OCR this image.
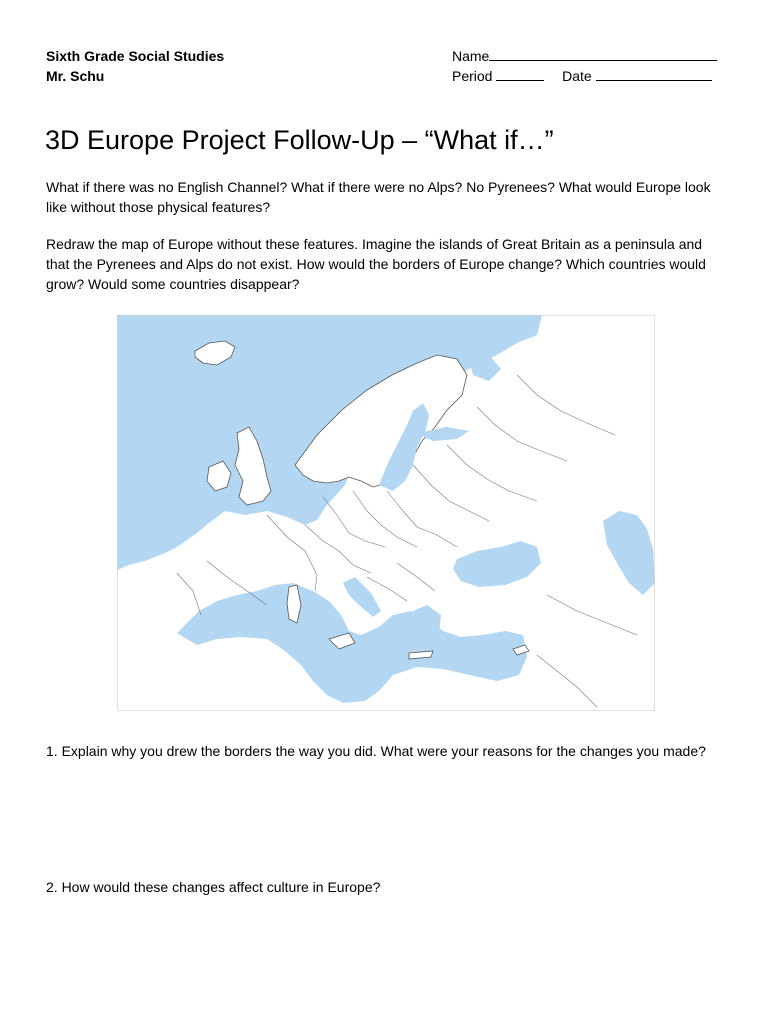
Sixth Grade Social Studies
Mr. Schu
Name
Period	Date
3D Europe Project Follow-Up – “What if…”
What if there was no English Channel? What if there were no Alps? No Pyrenees? What would Europe look like without those physical features?
Redraw the map of Europe without these features. Imagine the islands of Great Britain as a peninsula and that the Pyrenees and Alps do not exist. How would the borders of Europe change? Which countries would grow? Would some countries disappear?
1. Explain why you drew the borders the way you did. What were your reasons for the changes you made?
2. How would these changes affect culture in Europe?
